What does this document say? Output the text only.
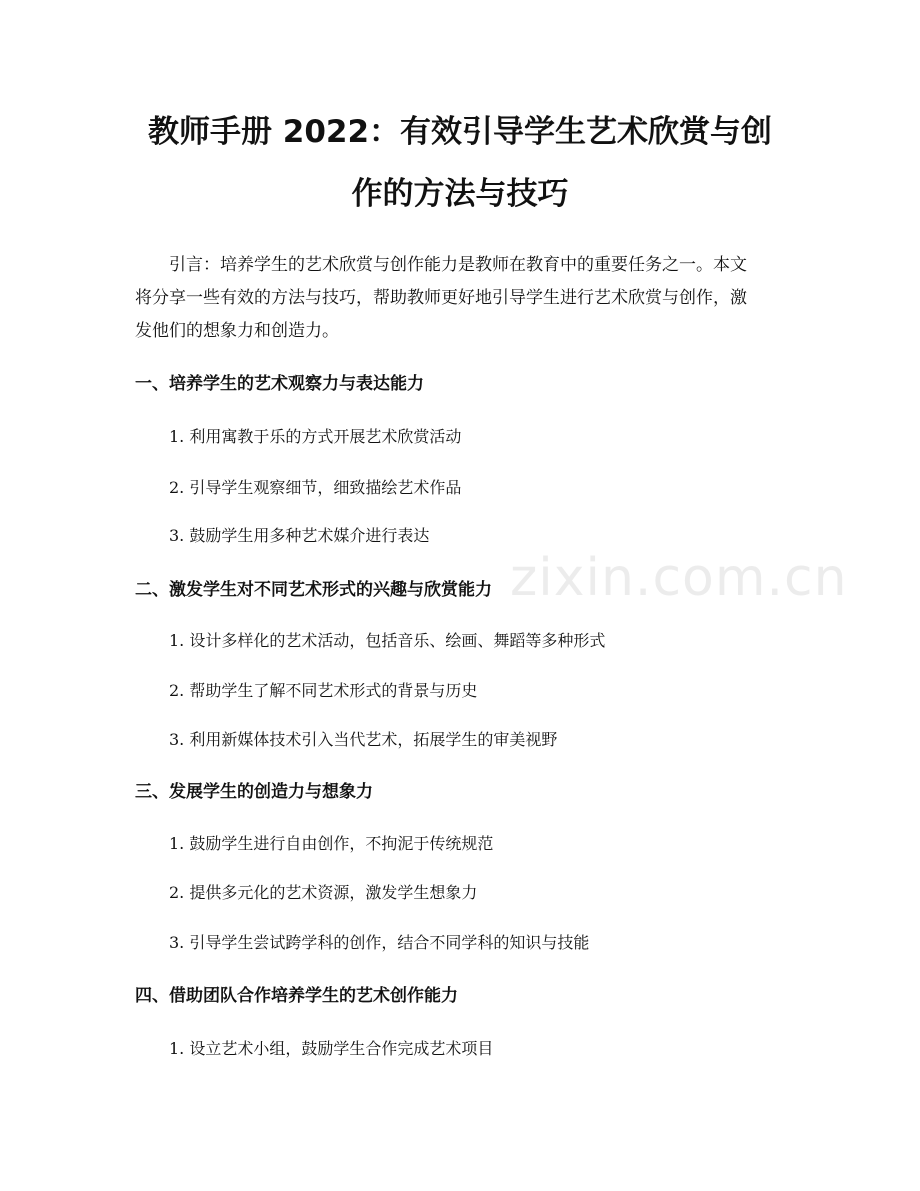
教师手册 2022：有效引导学生艺术欣赏与创
作的方法与技巧

引言：培养学生的艺术欣赏与创作能力是教师在教育中的重要任务之一。本文
将分享一些有效的方法与技巧，帮助教师更好地引导学生进行艺术欣赏与创作，激
发他们的想象力和创造力。

一、培养学生的艺术观察力与表达能力

1. 利用寓教于乐的方式开展艺术欣赏活动

2. 引导学生观察细节，细致描绘艺术作品

3. 鼓励学生用多种艺术媒介进行表达

二、激发学生对不同艺术形式的兴趣与欣赏能力

1. 设计多样化的艺术活动，包括音乐、绘画、舞蹈等多种形式

2. 帮助学生了解不同艺术形式的背景与历史

3. 利用新媒体技术引入当代艺术，拓展学生的审美视野

三、发展学生的创造力与想象力

1. 鼓励学生进行自由创作，不拘泥于传统规范

2. 提供多元化的艺术资源，激发学生想象力

3. 引导学生尝试跨学科的创作，结合不同学科的知识与技能

四、借助团队合作培养学生的艺术创作能力

1. 设立艺术小组，鼓励学生合作完成艺术项目

zixin.com.cn
